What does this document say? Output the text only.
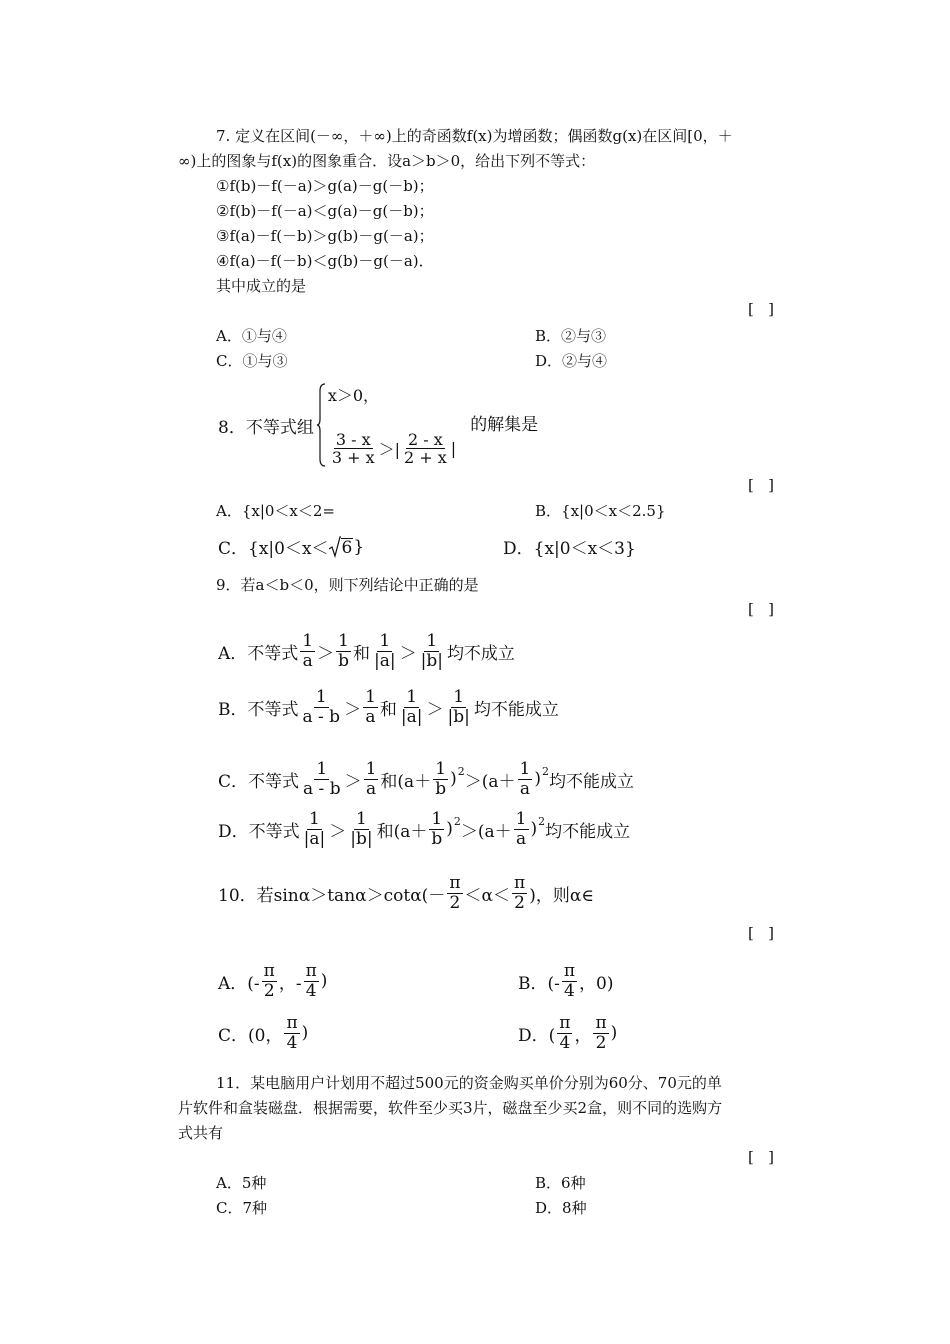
7. 定义在区间(－∞，＋∞)上的奇函数f(x)为增函数；偶函数g(x)在区间[0，＋
∞)上的图象与f(x)的图象重合．设a＞b＞0，给出下列不等式：
①f(b)－f(－a)＞g(a)－g(－b)；
②f(b)－f(－a)＜g(a)－g(－b)；
③f(a)－f(－b)＞g(b)－g(－a)；
④f(a)－f(－b)＜g(b)－g(－a)．
其中成立的是
[   ]
A．①与④	B．②与③
C．①与③	D．②与④
8．不等式组
x＞0，
$\frac{3 - x}{3 + x}$ ＞| $\frac{2 - x}{2 + x}$ |
的解集是
[   ]
A．{x|0＜x＜2=	B．{x|0＜x＜2.5}
C．{x|0＜x＜ 6 }	D．{x|0＜x＜3}
9．若a＜b＜0，则下列结论中正确的是
[   ]
A．不等式 $\frac{1}{a} > \frac{1}{b}$ 和 $\frac{1}{|a|} > \frac{1}{|b|}$ 均不成立
B．不等式 $\frac{1}{a - b} > \frac{1}{a}$ 和 $\frac{1}{|a|} > \frac{1}{|b|}$ 均不能成立
C．不等式 $\frac{1}{a - b} > \frac{1}{a}$ 和 $(a+ \frac{1}{b} )^2$
＞ $(a+ \frac{1}{a} )^2$
均不能成立
D．不等式 $\frac{1}{|a|} > \frac{1}{|b|}$ 和 $(a+ \frac{1}{b} )^2$
＞ $(a+ \frac{1}{a} )^2$
均不能成立
10．若$\sin\alpha>\tan\alpha>\cot\alpha(- \frac{\pi}{2} <\alpha< \frac{\pi}{2}$ )，则α∈
[   ]
A．(- $\frac{\pi}{2}$ ，- $\frac{\pi}{4}$ )	B．(- $\frac{\pi}{4}$ ，0)
C．(0， $\frac{\pi}{4}$ )	D．( $\frac{\pi}{4}$ ， $\frac{\pi}{2}$ )
11．某电脑用户计划用不超过500元的资金购买单价分别为60分、70元的单
片软件和盒装磁盘．根据需要，软件至少买3片，磁盘至少买2盒，则不同的选购方
式共有
[   ]
A．5种	B．6种
C．7种	D．8种
